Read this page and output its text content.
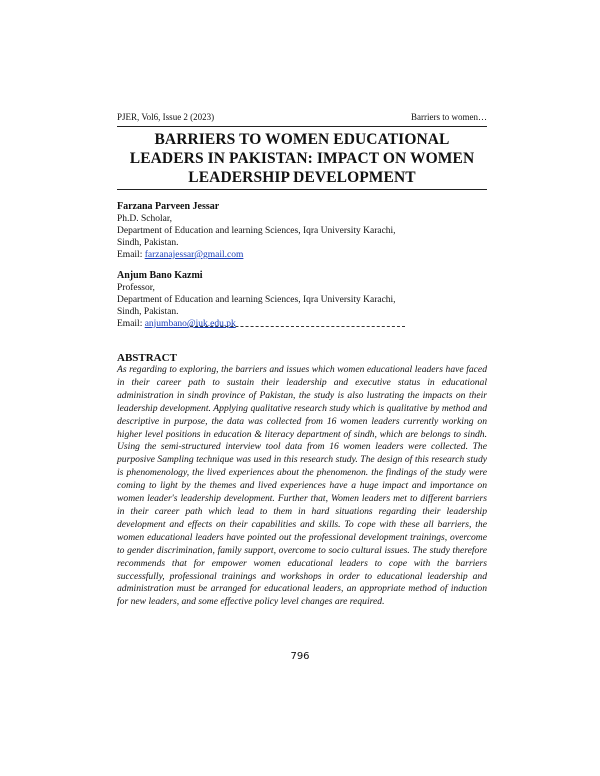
PJER, Vol6, Issue 2 (2023)	Barriers to women…
BARRIERS TO WOMEN EDUCATIONAL LEADERS IN PAKISTAN: IMPACT ON WOMEN LEADERSHIP DEVELOPMENT
Farzana Parveen Jessar
Ph.D. Scholar,
Department of Education and learning Sciences, Iqra University Karachi,
Sindh, Pakistan.
Email: farzanajessar@gmail.com
Anjum Bano Kazmi
Professor,
Department of Education and learning Sciences, Iqra University Karachi,
Sindh, Pakistan.
Email: anjumbano@iuk.edu.pk
ABSTRACT

As regarding to exploring, the barriers and issues which women educational leaders have faced in their career path to sustain their leadership and executive status in educational administration in sindh province of Pakistan, the study is also lustrating the impacts on their leadership development. Applying qualitative research study which is qualitative by method and descriptive in purpose, the data was collected from 16 women leaders currently working on higher level positions in education & literacy department of sindh, which are belongs to sindh. Using the semi-structured interview tool data from 16 women leaders were collected. The purposive Sampling technique was used in this research study. The design of this research study is phenomenology, the lived experiences about the phenomenon. the findings of the study were coming to light by the themes and lived experiences have a huge impact and importance on women leader's leadership development. Further that, Women leaders met to different barriers in their career path which lead to them in hard situations regarding their leadership development and effects on their capabilities and skills. To cope with these all barriers, the women educational leaders have pointed out the professional development trainings, overcome to gender discrimination, family support, overcome to socio cultural issues. The study therefore recommends that for empower women educational leaders to cope with the barriers successfully, professional trainings and workshops in order to educational leadership and administration must be arranged for educational leaders, an appropriate method of induction for new leaders, and some effective policy level changes are required.

796
